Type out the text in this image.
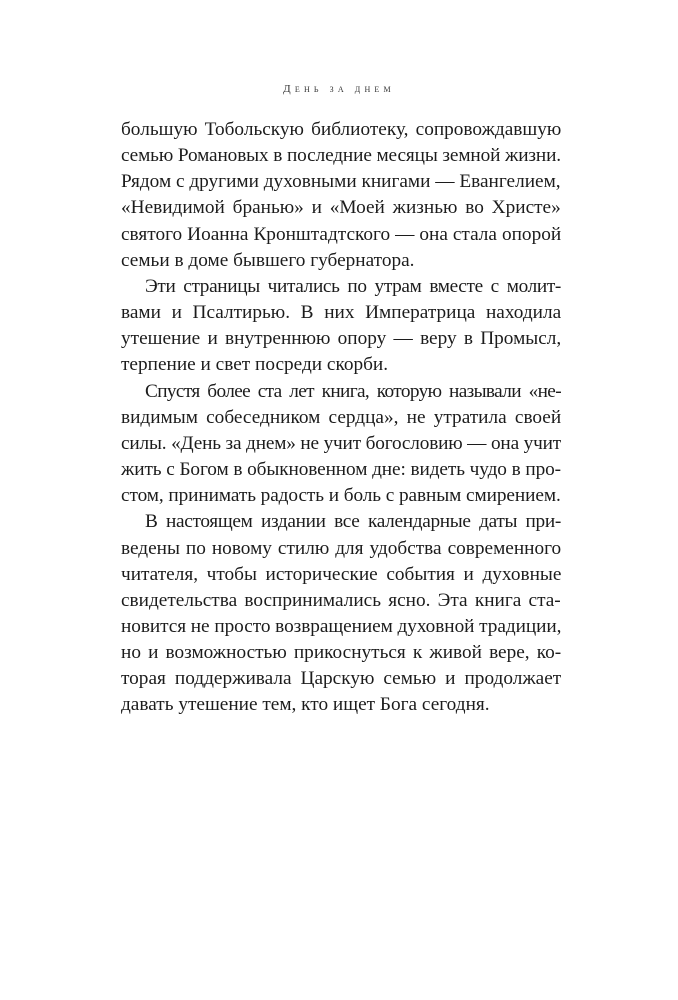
День за днем
большую Тобольскую библиотеку, сопровождавшую
семью Романовых в последние месяцы земной жизни.
Рядом с другими духовными книгами — Евангелием,
«Невидимой бранью» и «Моей жизнью во Христе»
святого Иоанна Кронштадтского — она стала опорой
семьи в доме бывшего губернатора.
Эти страницы читались по утрам вместе с молит-
вами и Псалтирью. В них Императрица находила
утешение и внутреннюю опору — веру в Промысл,
терпение и свет посреди скорби.
Спустя более ста лет книга, которую называли «не-
видимым собеседником сердца», не утратила своей
силы. «День за днем» не учит богословию — она учит
жить с Богом в обыкновенном дне: видеть чудо в про-
стом, принимать радость и боль с равным смирением.
В настоящем издании все календарные даты при-
ведены по новому стилю для удобства современного
читателя, чтобы исторические события и духовные
свидетельства воспринимались ясно. Эта книга ста-
новится не просто возвращением духовной традиции,
но и возможностью прикоснуться к живой вере, ко-
торая поддерживала Царскую семью и продолжает
давать утешение тем, кто ищет Бога сегодня.
